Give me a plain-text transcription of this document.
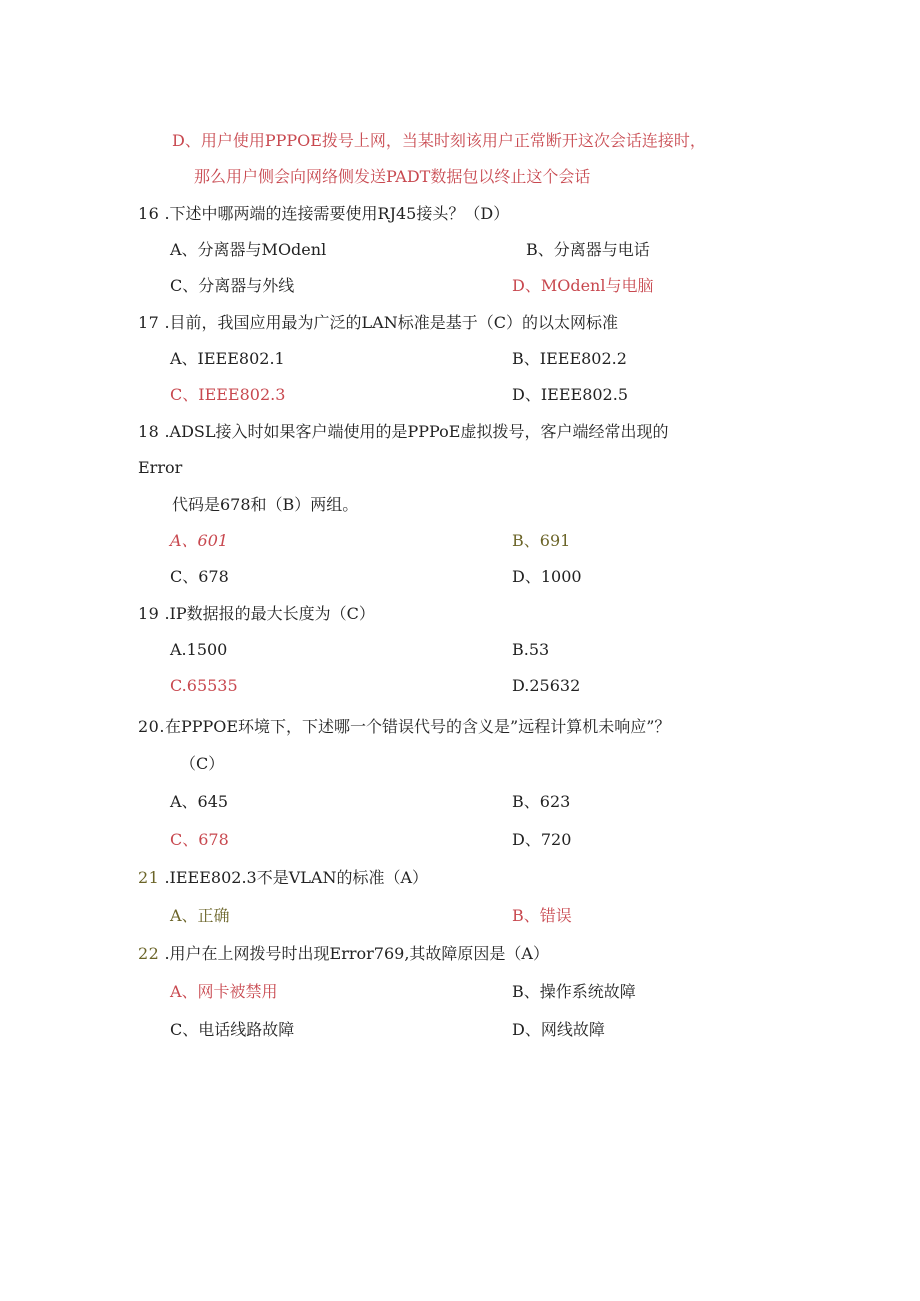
D、用户使用PPPOE拨号上网，当某时刻该用户正常断开这次会话连接时，
那么用户侧会向网络侧发送PADT数据包以终止这个会话
16 .下述中哪两端的连接需要使用RJ45接头？（D）
A、分离器与MOdenl	B、分离器与电话
C、分离器与外线	D、MOdenl与电脑
17 .目前，我国应用最为广泛的LAN标准是基于（C）的以太网标准
A、IEEE802.1	B、IEEE802.2
C、IEEE802.3	D、IEEE802.5
18 .ADSL接入时如果客户端使用的是PPPoE虚拟拨号，客户端经常出现的
Error
代码是678和（B）两组。
A、601	B、691
C、678	D、1000
19 .IP数据报的最大长度为（C）
A.1500	B.53
C.65535	D.25632
20.在PPPOE环境下，下述哪一个错误代号的含义是”远程计算机未响应”？
（C）
A、645	B、623
C、678	D、720
21 .IEEE802.3不是VLAN的标准（A）
A、正确	B、错误
22 .用户在上网拨号时出现Error769,其故障原因是（A）
A、网卡被禁用	B、操作系统故障
C、电话线路故障	D、网线故障
